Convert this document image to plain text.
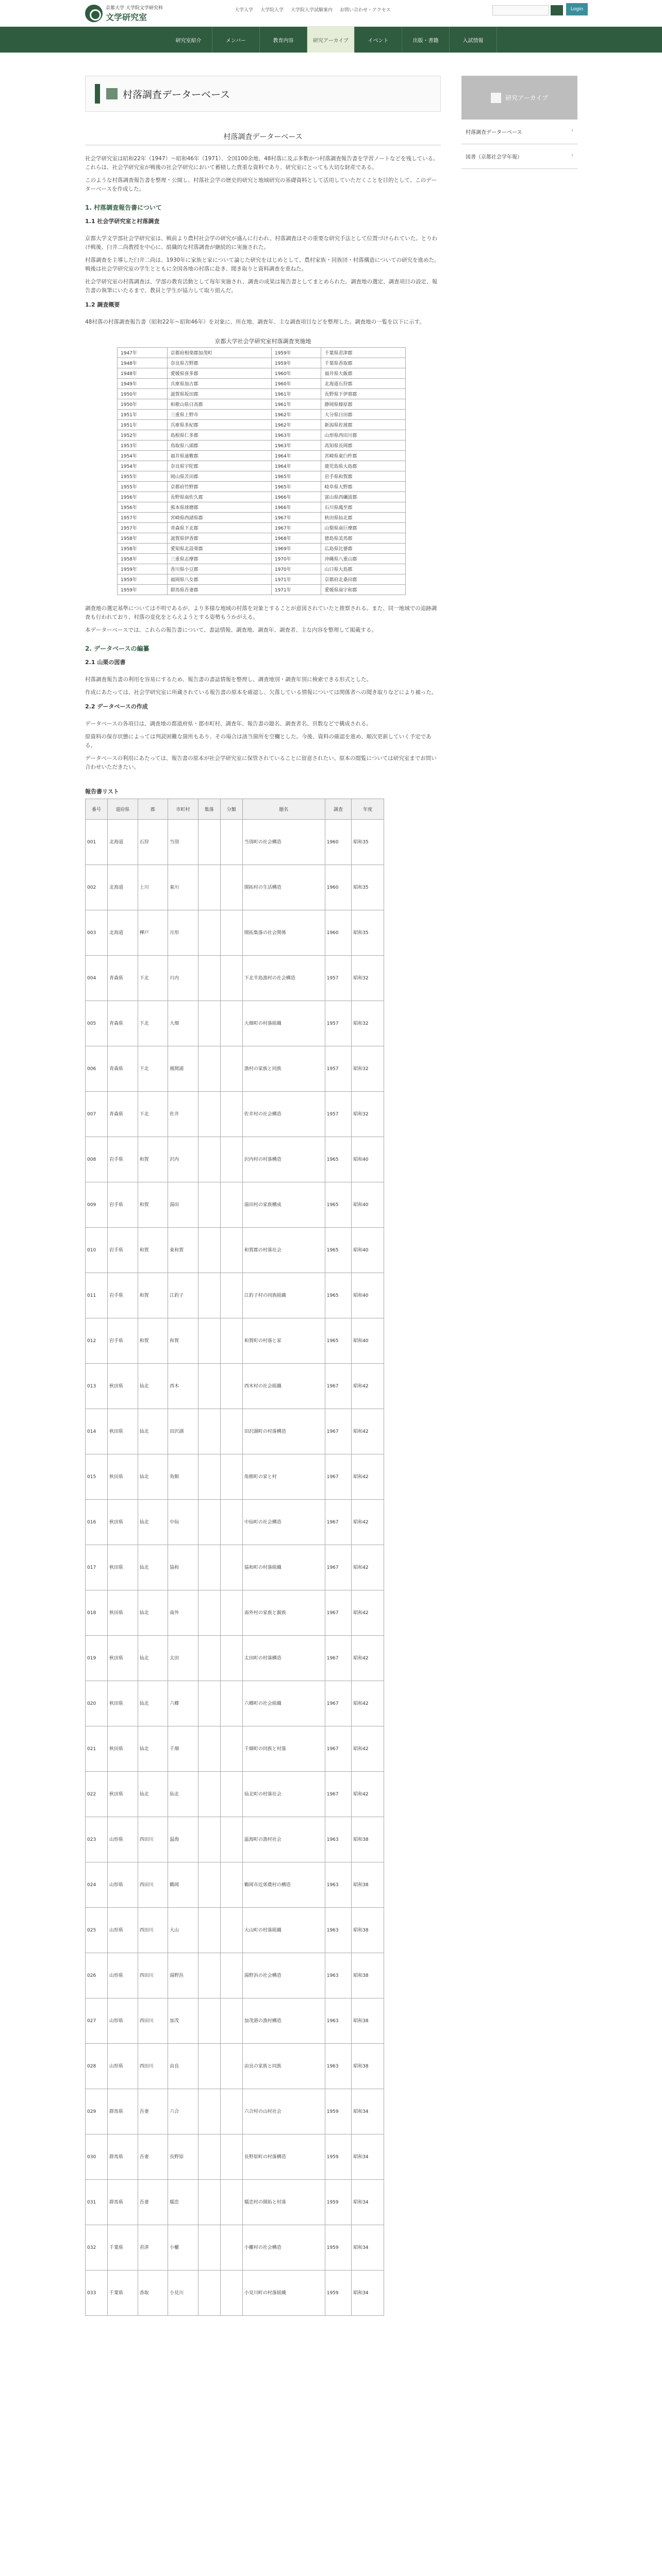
京都大学 大学院文学研究科
文学研究室
大学入学 大学院入学 大学院入学試験案内 お問い合わせ・アクセス	Login
研究室紹介	メンバー	教育内容	研究アーカイブ	イベント	出版・書籍	入試情報
村落調査データーベース
村落調査データーベース

社会学研究室は昭和22年（1947）〜昭和46年（1971）、全国100余地、48村落に及ぶ多数かつ村落調査報告書を学習ノートなどを残している。これらは、社会学研究室が戦後の社会学研究において蓄積した貴重な資料であり、研究室にとっても大切な財産である。

このような村落調査報告書を整理・公開し、村落社会学の歴史的研究と地域研究の基礎資料として活用していただくことを目的として、このデーターベースを作成した。

1. 村落調査報告書について
1.1 社会学研究室と村落調査

京都大学文学部社会学研究室は、戦前より農村社会学の研究が盛んに行われ、村落調査はその重要な研究手法として位置づけられていた。とりわけ戦後、臼井二尚教授を中心に、組織的な村落調査が継続的に実施された。

村落調査を主導した臼井二尚は、1930年に家族と家について論じた研究をはじめとして、農村家族・同族団・村落構造についての研究を進めた。戦後は社会学研究室の学生とともに全国各地の村落に赴き、聞き取りと資料調査を重ねた。

社会学研究室の村落調査は、学部の教育活動として毎年実施され、調査の成果は報告書としてまとめられた。調査地の選定、調査項目の設定、報告書の執筆にいたるまで、教員と学生が協力して取り組んだ。

1.2 調査概要

48村落の村落調査報告書（昭和22年〜昭和46年）を対象に、所在地、調査年、主な調査項目などを整理した。調査地の一覧を以下に示す。

京都大学社会学研究室村落調査実施地
1947年	京都府相楽郡加茂町	1959年	千葉県君津郡
1948年	奈良県吉野郡	1959年	千葉県香取郡
1948年	愛媛県喜多郡	1960年	福井県大飯郡
1949年	兵庫県加古郡	1960年	北海道石狩郡
1950年	滋賀県坂田郡	1961年	長野県下伊那郡
1950年	和歌山県日高郡	1961年	静岡県榛原郡
1951年	三重県上野市	1962年	大分県日田郡
1951年	兵庫県多紀郡	1962年	新潟県佐渡郡
1952年	島根県仁多郡	1963年	山形県西田川郡
1953年	鳥取県八頭郡	1963年	高知県長岡郡
1954年	福井県遠敷郡	1964年	宮崎県東臼杵郡
1954年	奈良県宇陀郡	1964年	鹿児島県大島郡
1955年	岡山県苫田郡	1965年	岩手県和賀郡
1955年	京都府竹野郡	1965年	岐阜県大野郡
1956年	長野県南佐久郡	1966年	富山県西礪波郡
1956年	熊本県球磨郡	1966年	石川県鳳至郡
1957年	宮崎県西諸県郡	1967年	秋田県仙北郡
1957年	青森県下北郡	1967年	山梨県南巨摩郡
1958年	滋賀県伊香郡	1968年	徳島県美馬郡
1958年	愛知県北設楽郡	1969年	広島県比婆郡
1958年	三重県志摩郡	1970年	沖縄県八重山郡
1959年	香川県小豆郡	1970年	山口県大島郡
1959年	福岡県八女郡	1971年	京都府北桑田郡
1959年	群馬県吾妻郡	1971年	愛媛県南宇和郡

調査地の選定基準については不明であるが、より多様な地域の村落を対象とすることが意図されていたと推察される。また、同一地域での追跡調査も行われており、村落の変化をとらえようとする姿勢もうかがえる。

本データーベースでは、これらの報告書について、書誌情報、調査地、調査年、調査者、主な内容を整理して掲載する。

2. データベースの編纂
2.1 山栗の図書

村落調査報告書の利用を容易にするため、報告書の書誌情報を整理し、調査地別・調査年別に検索できる形式とした。

作成にあたっては、社会学研究室に所蔵されている報告書の原本を確認し、欠落している情報については関係者への聞き取りなどにより補った。

2.2 データベースの作成

データベースの各項目は、調査地の都道府県・郡市町村、調査年、報告書の題名、調査者名、頁数などで構成される。

原資料の保存状態によっては判読困難な箇所もあり、その場合は該当箇所を空欄とした。今後、資料の確認を進め、順次更新していく予定である。

データベースの利用にあたっては、報告書の原本が社会学研究室に保管されていることに留意されたい。原本の閲覧については研究室までお問い合わせいただきたい。

報告書リスト
番号	道府県	郡	市町村	集落	分類	題名	調査	年度
001	北海道	石狩	当別			当別町の社会構造	1960	昭和35
002	北海道	上川	東川			開拓村の生活構造	1960	昭和35
003	北海道	樺戸	月形			開拓集落の社会関係	1960	昭和35
004	青森県	下北	川内			下北半島漁村の社会構造	1957	昭和32
005	青森県	下北	大畑			大畑町の村落組織	1957	昭和32
006	青森県	下北	風間浦			漁村の家族と同族	1957	昭和32
007	青森県	下北	佐井			佐井村の社会構造	1957	昭和32
008	岩手県	和賀	沢内			沢内村の村落構造	1965	昭和40
009	岩手県	和賀	湯田			湯田村の家族構成	1965	昭和40
010	岩手県	和賀	東和賀			和賀郡の村落社会	1965	昭和40
011	岩手県	和賀	江釣子			江釣子村の同族組織	1965	昭和40
012	岩手県	和賀	和賀			和賀町の村落と家	1965	昭和40
013	秋田県	仙北	西木			西木村の社会組織	1967	昭和42
014	秋田県	仙北	田沢湖			田沢湖町の村落構造	1967	昭和42
015	秋田県	仙北	角館			角館町の家と村	1967	昭和42
016	秋田県	仙北	中仙			中仙町の社会構造	1967	昭和42
017	秋田県	仙北	協和			協和町の村落組織	1967	昭和42
018	秋田県	仙北	南外			南外村の家族と親族	1967	昭和42
019	秋田県	仙北	太田			太田町の村落構造	1967	昭和42
020	秋田県	仙北	六郷			六郷町の社会組織	1967	昭和42
021	秋田県	仙北	千畑			千畑町の同族と村落	1967	昭和42
022	秋田県	仙北	仙北			仙北町の村落社会	1967	昭和42
023	山形県	西田川	温海			温海町の漁村社会	1963	昭和38
024	山形県	西田川	鶴岡			鶴岡市近郊農村の構造	1963	昭和38
025	山形県	西田川	大山			大山町の村落組織	1963	昭和38
026	山形県	西田川	湯野浜			湯野浜の社会構造	1963	昭和38
027	山形県	西田川	加茂			加茂港の漁村構造	1963	昭和38
028	山形県	西田川	由良			由良の家族と同族	1963	昭和38
029	群馬県	吾妻	六合			六合村の山村社会	1959	昭和34
030	群馬県	吾妻	長野原			長野原町の村落構造	1959	昭和34
031	群馬県	吾妻	嬬恋			嬬恋村の開拓と村落	1959	昭和34
032	千葉県	君津	小櫃			小櫃村の社会構造	1959	昭和34
033	千葉県	香取	小見川			小見川町の村落組織	1959	昭和34
研究アーカイブ
村落調査データーベース	›
図書（京都社会学年報）	›
